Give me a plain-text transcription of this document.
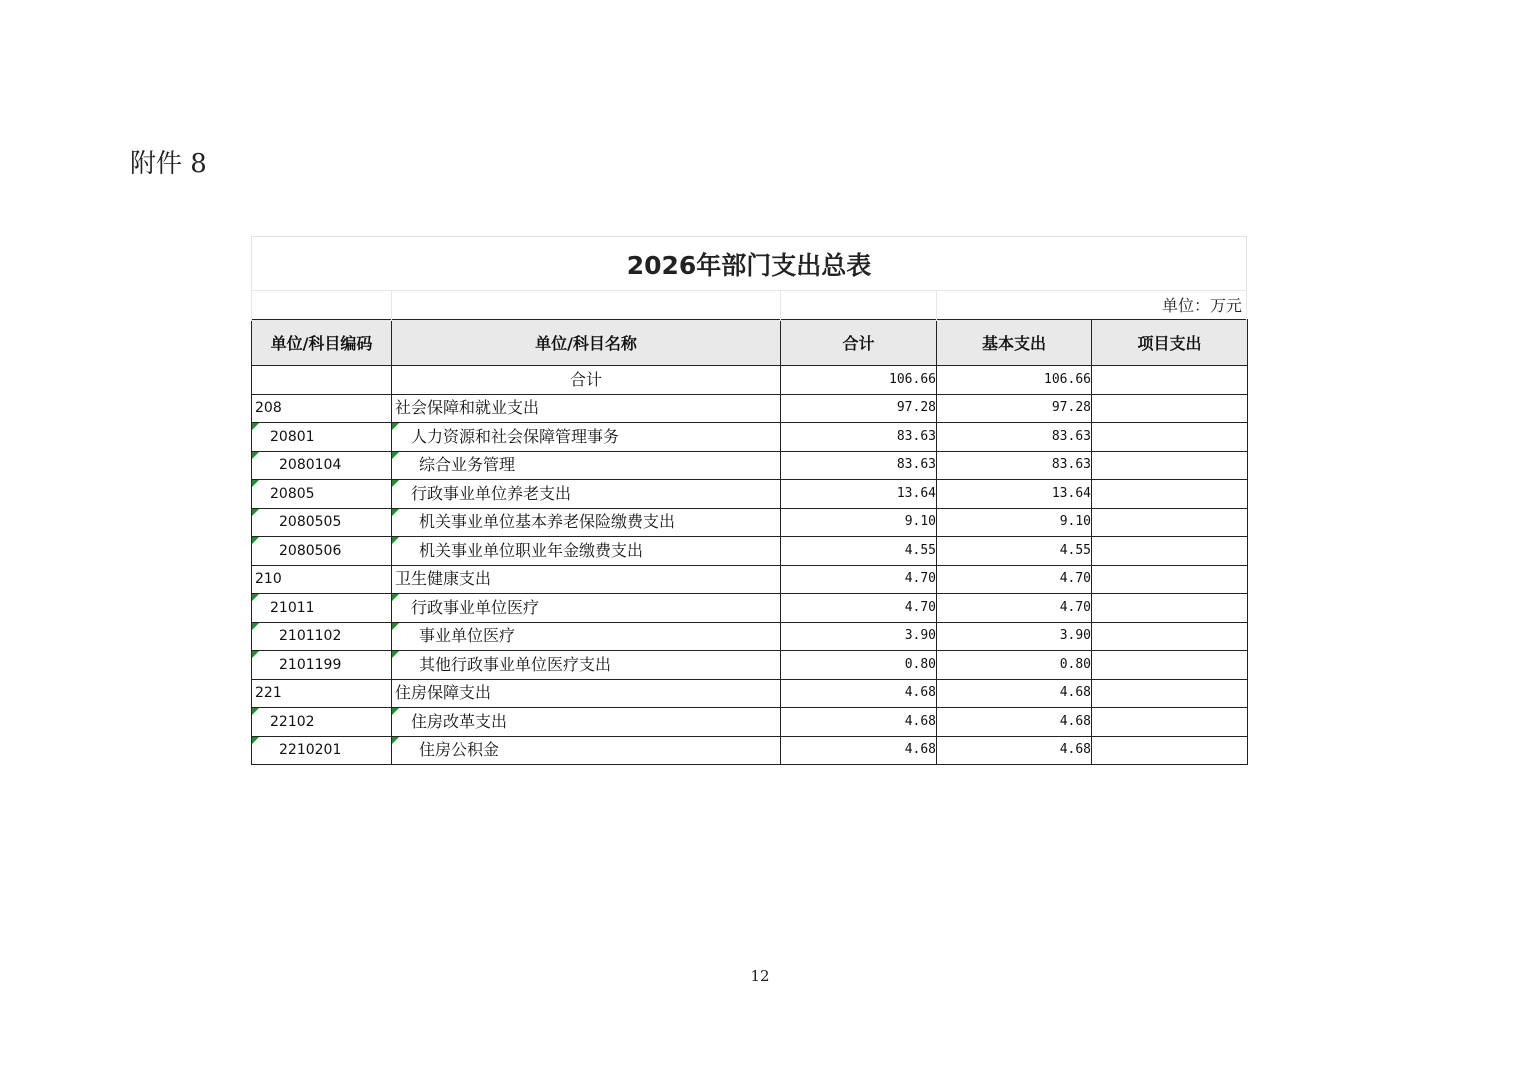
附件 8
2026年部门支出总表
单位：万元
单位/科目编码	单位/科目名称	合计	基本支出	项目支出
	合计	106.66	106.66	
208	社会保障和就业支出	97.28	97.28	

20801	人力资源和社会保障管理事务	83.63	83.63	

2080104	综合业务管理	83.63	83.63	

20805	行政事业单位养老支出	13.64	13.64	

2080505	机关事业单位基本养老保险缴费支出	9.10	9.10	

2080506	机关事业单位职业年金缴费支出	4.55	4.55	
210	卫生健康支出	4.70	4.70	

21011	行政事业单位医疗	4.70	4.70	

2101102	事业单位医疗	3.90	3.90	

2101199	其他行政事业单位医疗支出	0.80	0.80	
221	住房保障支出	4.68	4.68	

22102	住房改革支出	4.68	4.68	

2210201	住房公积金	4.68	4.68	
12
